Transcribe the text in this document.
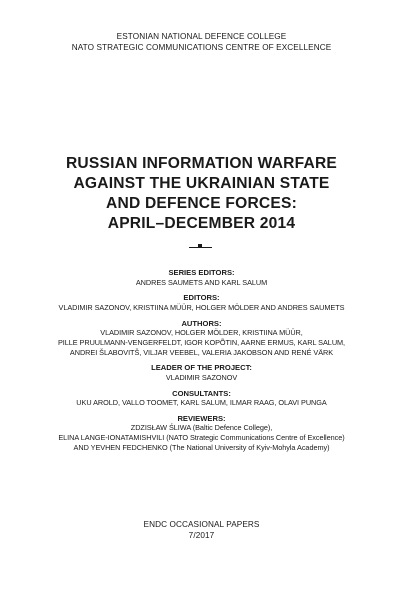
ESTONIAN NATIONAL DEFENCE COLLEGE
NATO STRATEGIC COMMUNICATIONS CENTRE OF EXCELLENCE
RUSSIAN INFORMATION WARFARE
AGAINST THE UKRAINIAN STATE
AND DEFENCE FORCES:
APRIL–DECEMBER 2014
SERIES EDITORS:
ANDRES SAUMETS AND KARL SALUM
EDITORS:
VLADIMIR SAZONOV, KRISTIINA MÜÜR, HOLGER MÖLDER AND ANDRES SAUMETS
AUTHORS:
VLADIMIR SAZONOV, HOLGER MÖLDER, KRISTIINA MÜÜR,
PILLE PRUULMANN-VENGERFELDT, IGOR KOPÕTIN, AARNE ERMUS, KARL SALUM,
ANDREI ŠLABOVITŠ, VILJAR VEEBEL, VALERIA JAKOBSON AND RENÉ VÄRK
LEADER OF THE PROJECT:
VLADIMIR SAZONOV
CONSULTANTS:
UKU AROLD, VALLO TOOMET, KARL SALUM, ILMAR RAAG, OLAVI PUNGA
REVIEWERS:
ZDZISŁAW ŚLIWA (Baltic Defence College),
ELINA LANGE-IONATAMISHVILI (NATO Strategic Communications Centre of Excellence)
AND YEVHEN FEDCHENKO (The National University of Kyiv-Mohyla Academy)
ENDC OCCASIONAL PAPERS
7/2017
